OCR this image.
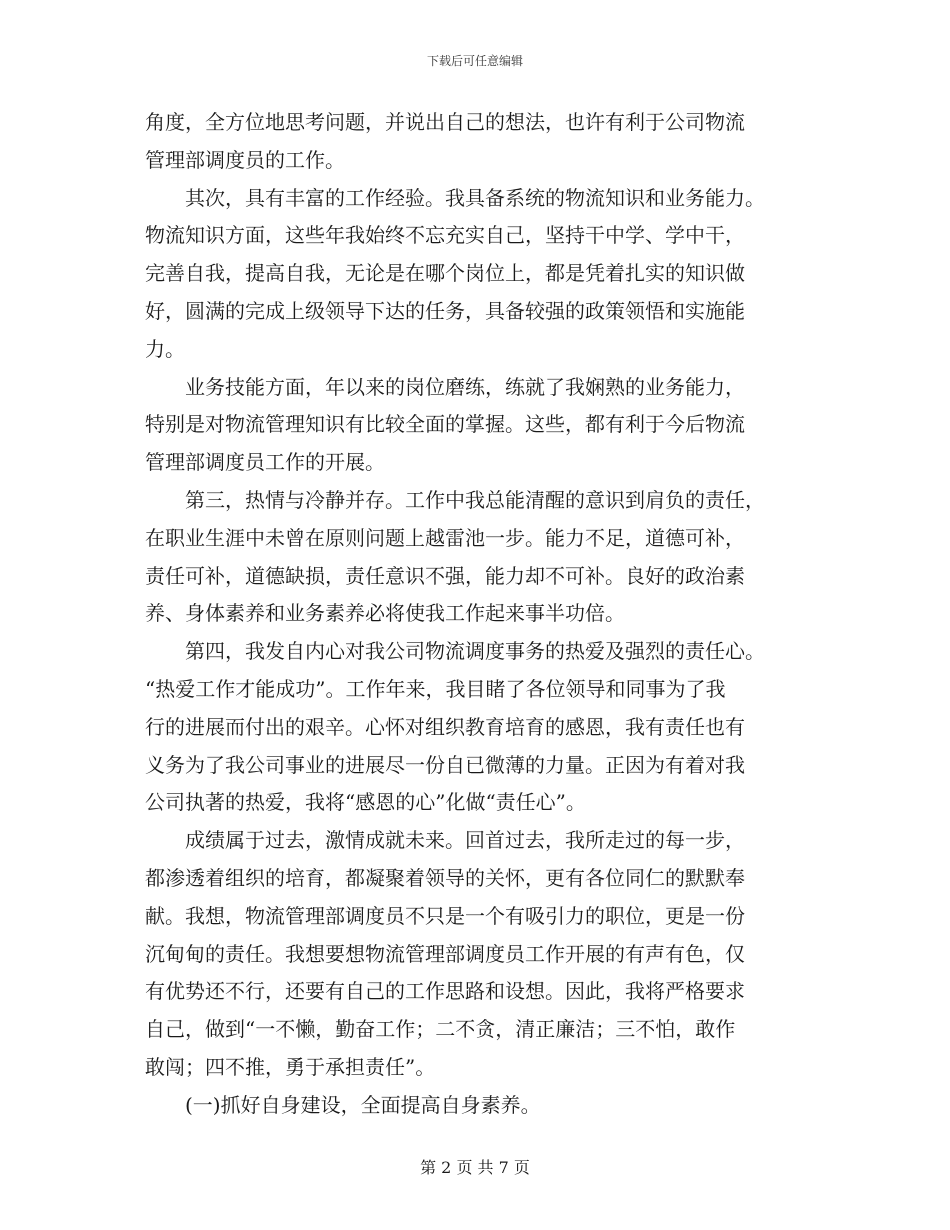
下载后可任意编辑
角度，全方位地思考问题，并说出自己的想法，也许有利于公司物流
管理部调度员的工作。
其次，具有丰富的工作经验。我具备系统的物流知识和业务能力。
物流知识方面，这些年我始终不忘充实自己，坚持干中学、学中干，
完善自我，提高自我，无论是在哪个岗位上，都是凭着扎实的知识做
好，圆满的完成上级领导下达的任务，具备较强的政策领悟和实施能
力。
业务技能方面，年以来的岗位磨练，练就了我娴熟的业务能力，
特别是对物流管理知识有比较全面的掌握。这些，都有利于今后物流
管理部调度员工作的开展。
第三，热情与冷静并存。工作中我总能清醒的意识到肩负的责任，
在职业生涯中未曾在原则问题上越雷池一步。能力不足，道德可补，
责任可补，道德缺损，责任意识不强，能力却不可补。良好的政治素
养、身体素养和业务素养必将使我工作起来事半功倍。
第四，我发自内心对我公司物流调度事务的热爱及强烈的责任心。
“热爱工作才能成功”。工作年来，我目睹了各位领导和同事为了我
行的进展而付出的艰辛。心怀对组织教育培育的感恩，我有责任也有
义务为了我公司事业的进展尽一份自已微薄的力量。正因为有着对我
公司执著的热爱，我将“感恩的心”化做“责任心”。
成绩属于过去，激情成就未来。回首过去，我所走过的每一步，
都渗透着组织的培育，都凝聚着领导的关怀，更有各位同仁的默默奉
献。我想，物流管理部调度员不只是一个有吸引力的职位，更是一份
沉甸甸的责任。我想要想物流管理部调度员工作开展的有声有色，仅
有优势还不行，还要有自己的工作思路和设想。因此，我将严格要求
自己，做到“一不懒，勤奋工作；二不贪，清正廉洁；三不怕，敢作
敢闯；四不推，勇于承担责任”。
(一)抓好自身建设，全面提高自身素养。
第 2 页 共 7 页
